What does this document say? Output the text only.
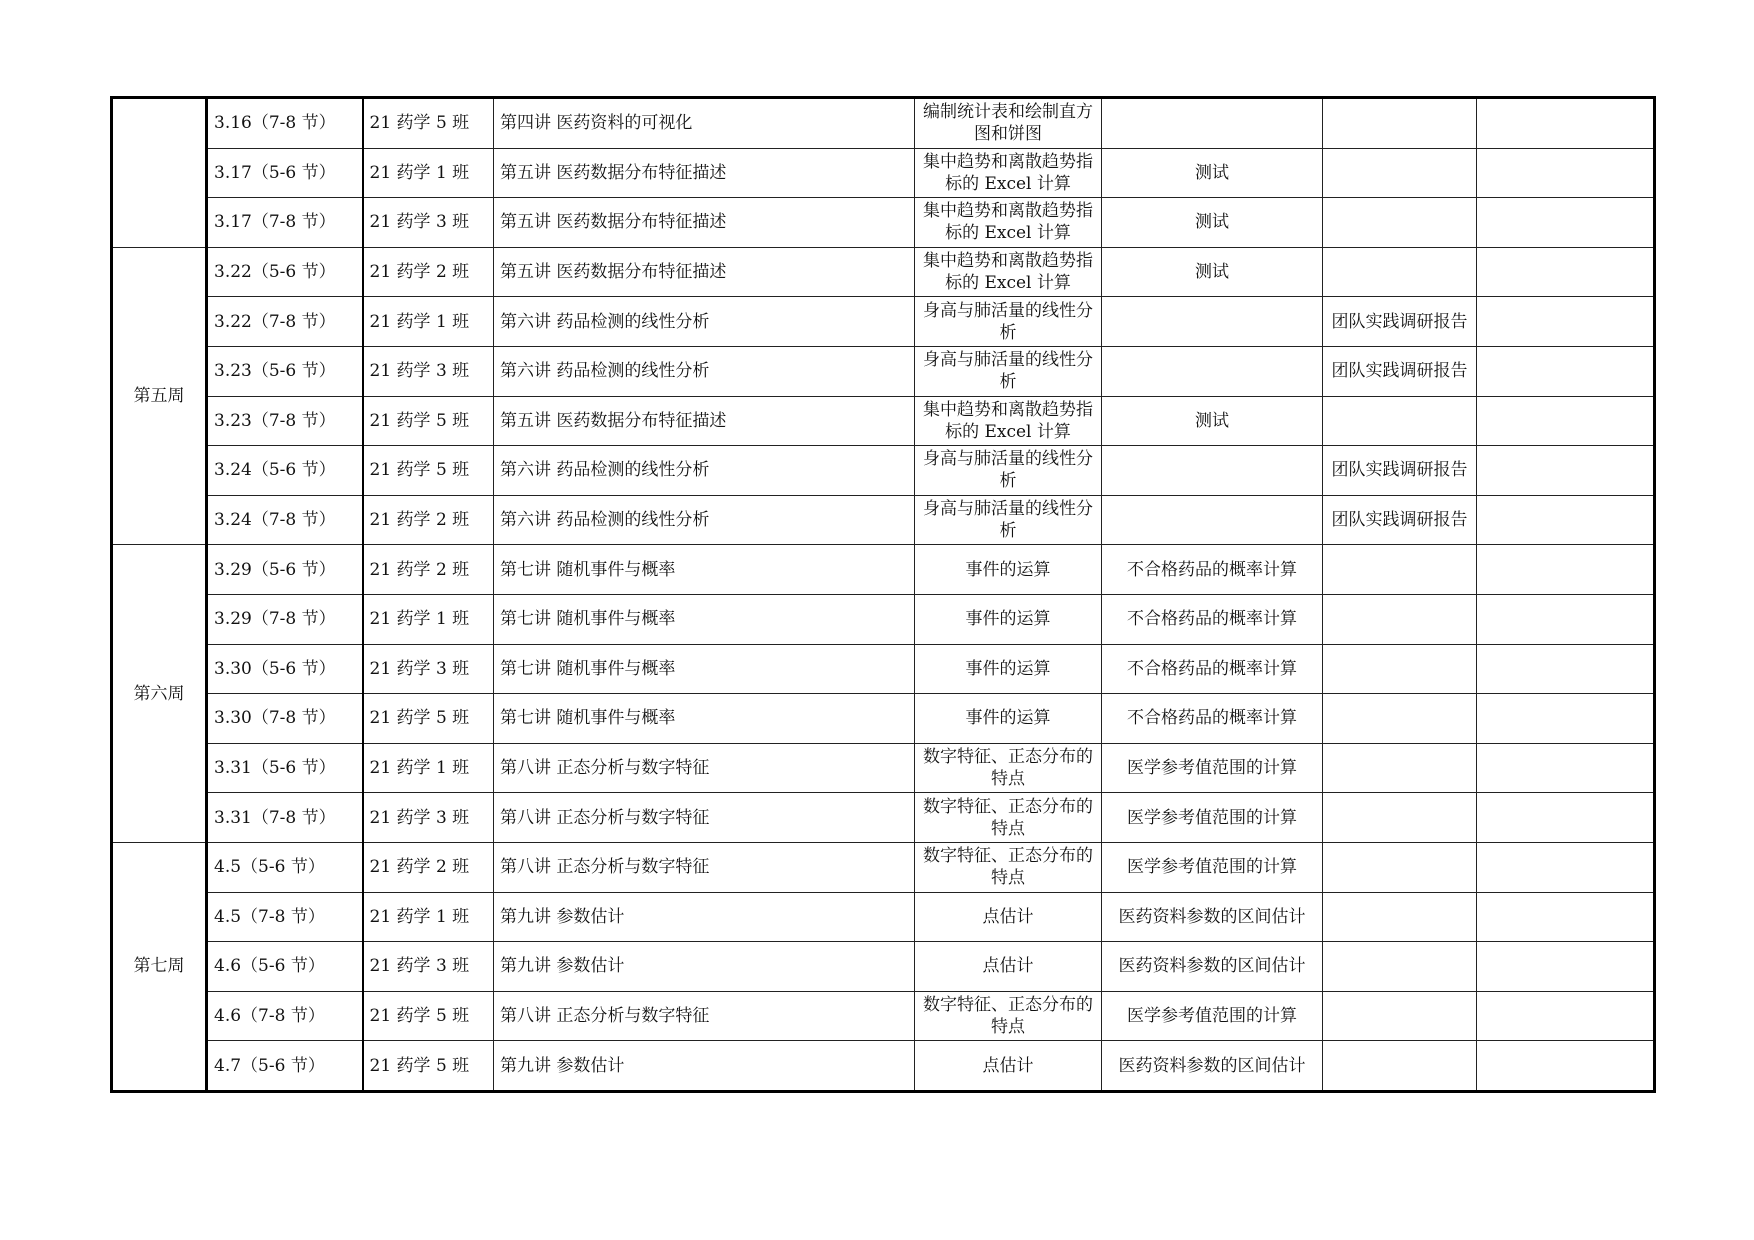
	3.16（7-8 节）	21 药学 5 班	第四讲 医药资料的可视化	编制统计表和绘制直方图和饼图			
	3.17（5-6 节）	21 药学 1 班	第五讲 医药数据分布特征描述	集中趋势和离散趋势指标的 Excel 计算	测试		
	3.17（7-8 节）	21 药学 3 班	第五讲 医药数据分布特征描述	集中趋势和离散趋势指标的 Excel 计算	测试		
第五周	3.22（5-6 节）	21 药学 2 班	第五讲 医药数据分布特征描述	集中趋势和离散趋势指标的 Excel 计算	测试		
	3.22（7-8 节）	21 药学 1 班	第六讲 药品检测的线性分析	身高与肺活量的线性分析		团队实践调研报告	
	3.23（5-6 节）	21 药学 3 班	第六讲 药品检测的线性分析	身高与肺活量的线性分析		团队实践调研报告	
	3.23（7-8 节）	21 药学 5 班	第五讲 医药数据分布特征描述	集中趋势和离散趋势指标的 Excel 计算	测试		
	3.24（5-6 节）	21 药学 5 班	第六讲 药品检测的线性分析	身高与肺活量的线性分析		团队实践调研报告	
	3.24（7-8 节）	21 药学 2 班	第六讲 药品检测的线性分析	身高与肺活量的线性分析		团队实践调研报告	
第六周	3.29（5-6 节）	21 药学 2 班	第七讲 随机事件与概率	事件的运算	不合格药品的概率计算		
	3.29（7-8 节）	21 药学 1 班	第七讲 随机事件与概率	事件的运算	不合格药品的概率计算		
	3.30（5-6 节）	21 药学 3 班	第七讲 随机事件与概率	事件的运算	不合格药品的概率计算		
	3.30（7-8 节）	21 药学 5 班	第七讲 随机事件与概率	事件的运算	不合格药品的概率计算		
	3.31（5-6 节）	21 药学 1 班	第八讲 正态分析与数字特征	数字特征、正态分布的特点	医学参考值范围的计算		
	3.31（7-8 节）	21 药学 3 班	第八讲 正态分析与数字特征	数字特征、正态分布的特点	医学参考值范围的计算		
第七周	4.5（5-6 节）	21 药学 2 班	第八讲 正态分析与数字特征	数字特征、正态分布的特点	医学参考值范围的计算		
	4.5（7-8 节）	21 药学 1 班	第九讲 参数估计	点估计	医药资料参数的区间估计		
	4.6（5-6 节）	21 药学 3 班	第九讲 参数估计	点估计	医药资料参数的区间估计		
	4.6（7-8 节）	21 药学 5 班	第八讲 正态分析与数字特征	数字特征、正态分布的特点	医学参考值范围的计算		
	4.7（5-6 节）	21 药学 5 班	第九讲 参数估计	点估计	医药资料参数的区间估计		
